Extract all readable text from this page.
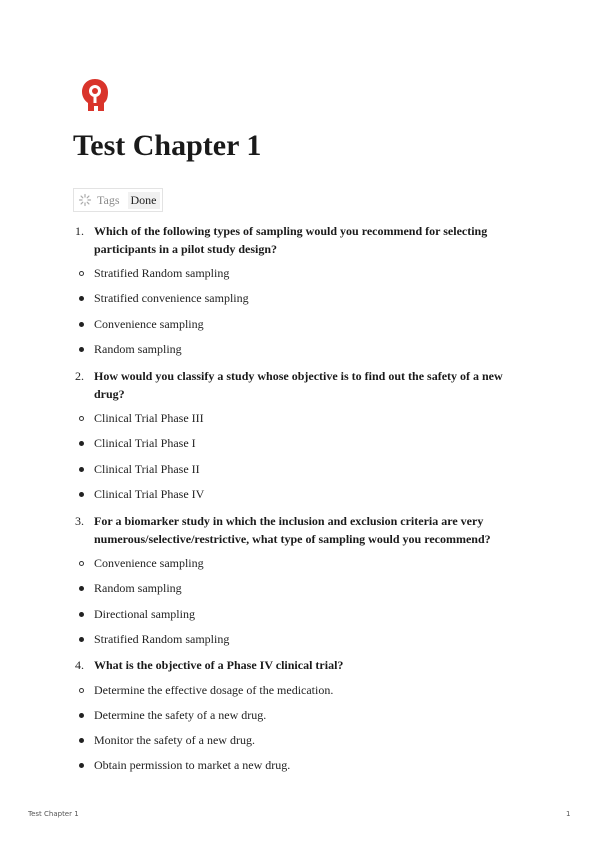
Test Chapter 1
Tags Done
1. Which of the following types of sampling would you recommend for selecting participants in a pilot study design?
Stratified Random sampling
Stratified convenience sampling
Convenience sampling
Random sampling
2. How would you classify a study whose objective is to find out the safety of a new drug?
Clinical Trial Phase III
Clinical Trial Phase I
Clinical Trial Phase II
Clinical Trial Phase IV
3. For a biomarker study in which the inclusion and exclusion criteria are very numerous/selective/restrictive, what type of sampling would you recommend?
Convenience sampling
Random sampling
Directional sampling
Stratified Random sampling
4. What is the objective of a Phase IV clinical trial?
Determine the effective dosage of the medication.
Determine the safety of a new drug.
Monitor the safety of a new drug.
Obtain permission to market a new drug.
Test Chapter 1	1
